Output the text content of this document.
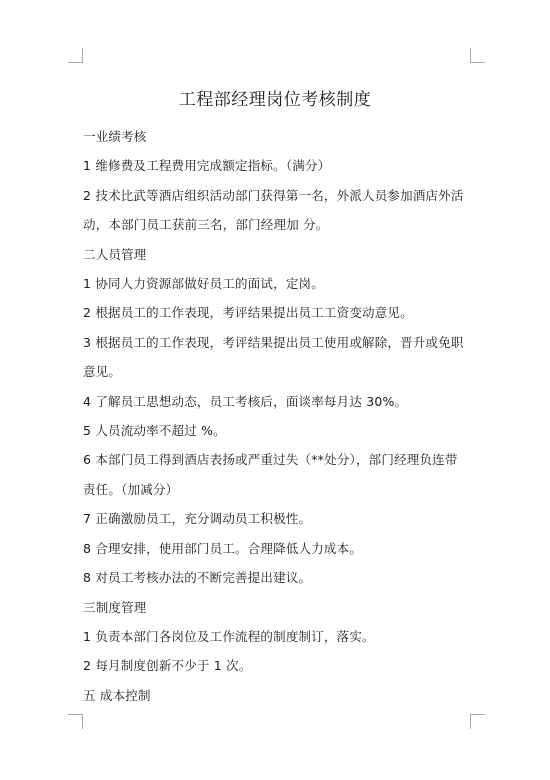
工程部经理岗位考核制度
一业绩考核
1 维修费及工程费用完成额定指标。（满分）
2 技术比武等酒店组织活动部门获得第一名，外派人员参加酒店外活
动，本部门员工获前三名，部门经理加 分。
二人员管理
1 协同人力资源部做好员工的面试，定岗。
2 根据员工的工作表现，考评结果提出员工工资变动意见。
3 根据员工的工作表现，考评结果提出员工使用或解除，晋升或免职
意见。
4 了解员工思想动态，员工考核后，面谈率每月达 30%。
5 人员流动率不超过 %。
6 本部门员工得到酒店表扬或严重过失（**处分），部门经理负连带
责任。（加减分）
7 正确激励员工，充分调动员工积极性。
8 合理安排，使用部门员工。合理降低人力成本。
8 对员工考核办法的不断完善提出建议。
三制度管理
1 负责本部门各岗位及工作流程的制度制订，落实。
2 每月制度创新不少于 1 次。
五 成本控制
